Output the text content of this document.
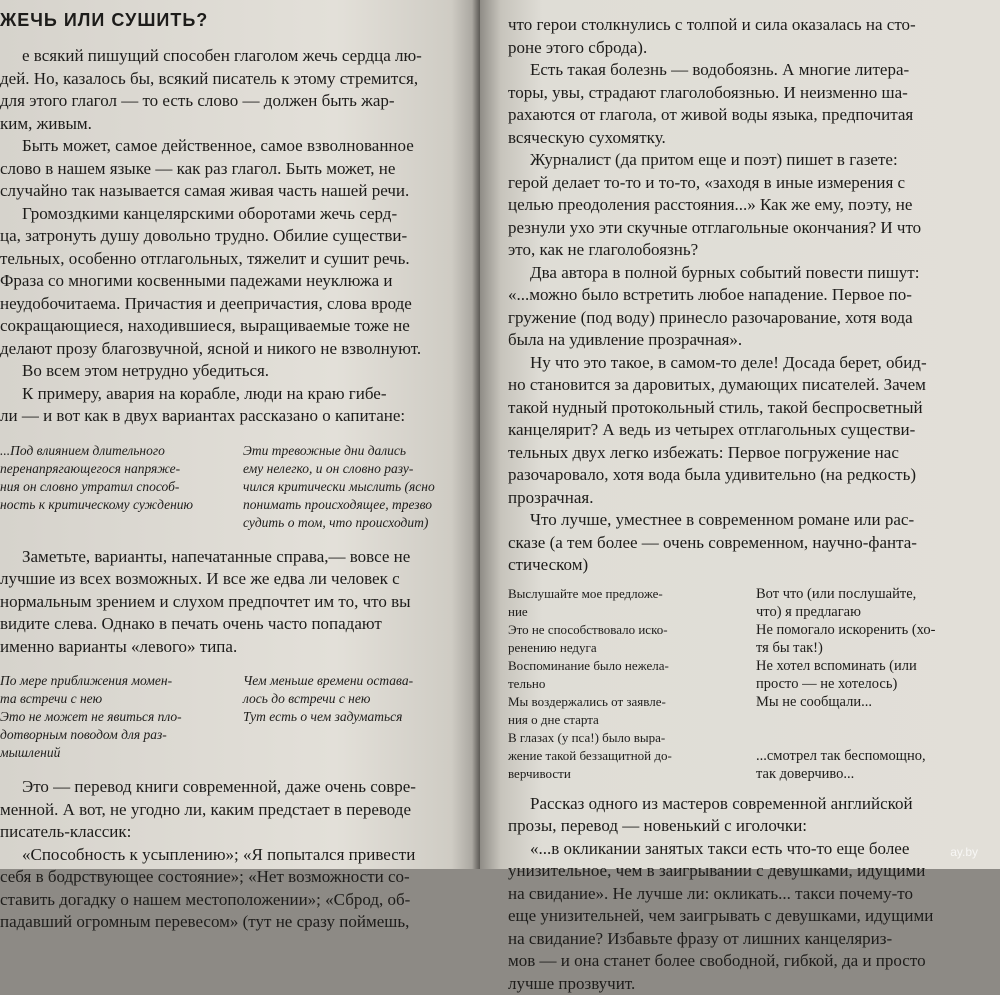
ЖЕЧЬ ИЛИ СУШИТЬ?

е всякий пишущий способен глаголом жечь сердца лю-
дей. Но, казалось бы, всякий писатель к этому стремится,
для этого глагол — то есть слово — должен быть жар-
ким, живым.

Быть может, самое действенное, самое взволнованное
слово в нашем языке — как раз глагол. Быть может, не
случайно так называется самая живая часть нашей речи.

Громоздкими канцелярскими оборотами жечь серд-
ца, затронуть душу довольно трудно. Обилие существи-
тельных, особенно отглагольных, тяжелит и сушит речь.
Фраза со многими косвенными падежами неуклюжа и
неудобочитаема. Причастия и деепричастия, слова вроде
сокращающиеся, находившиеся, выращиваемые тоже не
делают прозу благозвучной, ясной и никого не взволнуют.

Во всем этом нетрудно убедиться.

К примеру, авария на корабле, люди на краю гибе-
ли — и вот как в двух вариантах рассказано о капитане:

...Под влиянием длительного
перенапрягающегося напряже-
ния он словно утратил способ-
ность к критическому суждению
Эти тревожные дни дались
ему нелегко, и он словно разу-
чился критически мыслить (ясно
понимать происходящее, трезво
судить о том, что происходит)

Заметьте, варианты, напечатанные справа,— вовсе не
лучшие из всех возможных. И все же едва ли человек с
нормальным зрением и слухом предпочтет им то, что вы
видите слева. Однако в печать очень часто попадают
именно варианты «левого» типа.

По мере приближения момен-
та встречи с нею
Это не может не явиться пло-
дотворным поводом для раз-
мышлений
Чем меньше времени остава-
лось до встречи с нею
Тут есть о чем задуматься

Это — перевод книги современной, даже очень совре-
менной. А вот, не угодно ли, каким предстает в переводе
писатель-классик:

«Способность к усыплению»; «Я попытался привести
себя в бодрствующее состояние»; «Нет возможности со-
ставить догадку о нашем местоположении»; «Сброд, об-
падавший огромным перевесом» (тут не сразу поймешь,

что герои столкнулись с толпой и сила оказалась на сто-
роне этого сброда).

Есть такая болезнь — водобоязнь. А многие литера-
торы, увы, страдают глаголобоязнью. И неизменно ша-
рахаются от глагола, от живой воды языка, предпочитая
всяческую сухомятку.

Журналист (да притом еще и поэт) пишет в газете:
герой делает то-то и то-то, «заходя в иные измерения с
целью преодоления расстояния...» Как же ему, поэту, не
резнули ухо эти скучные отглагольные окончания? И что
это, как не глаголобоязнь?

Два автора в полной бурных событий повести пишут:
«...можно было встретить любое нападение. Первое по-
гружение (под воду) принесло разочарование, хотя вода
была на удивление прозрачная».

Ну что это такое, в самом-то деле! Досада берет, обид-
но становится за даровитых, думающих писателей. Зачем
такой нудный протокольный стиль, такой беспросветный
канцелярит? А ведь из четырех отглагольных существи-
тельных двух легко избежать: Первое погружение нас
разочаровало, хотя вода была удивительно (на редкость)
прозрачная.

Что лучше, уместнее в современном романе или рас-
сказе (а тем более — очень современном, научно-фанта-
стическом)

Выслушайте мое предложе-
ние
Это не способствовало иско-
ренению недуга
Воспоминание было нежела-
тельно
Мы воздержались от заявле-
ния о дне старта
В глазах (у пса!) было выра-
жение такой беззащитной до-
верчивости
Вот что (или послушайте,
что) я предлагаю
Не помогало искоренить (хо-
тя бы так!)
Не хотел вспоминать (или
просто — не хотелось)
Мы не сообщали...

...смотрел так беспомощно,
так доверчиво...

Рассказ одного из мастеров современной английской
прозы, перевод — новенький с иголочки:

«...в окликании занятых такси есть что-то еще более
унизительное, чем в заигрывании с девушками, идущими
на свидание». Не лучше ли: окликать... такси почему-то
еще унизительней, чем заигрывать с девушками, идущими
на свидание? Избавьте фразу от лишних канцеляриз-
мов — и она станет более свободной, гибкой, да и просто
лучше прозвучит.

ay.by
